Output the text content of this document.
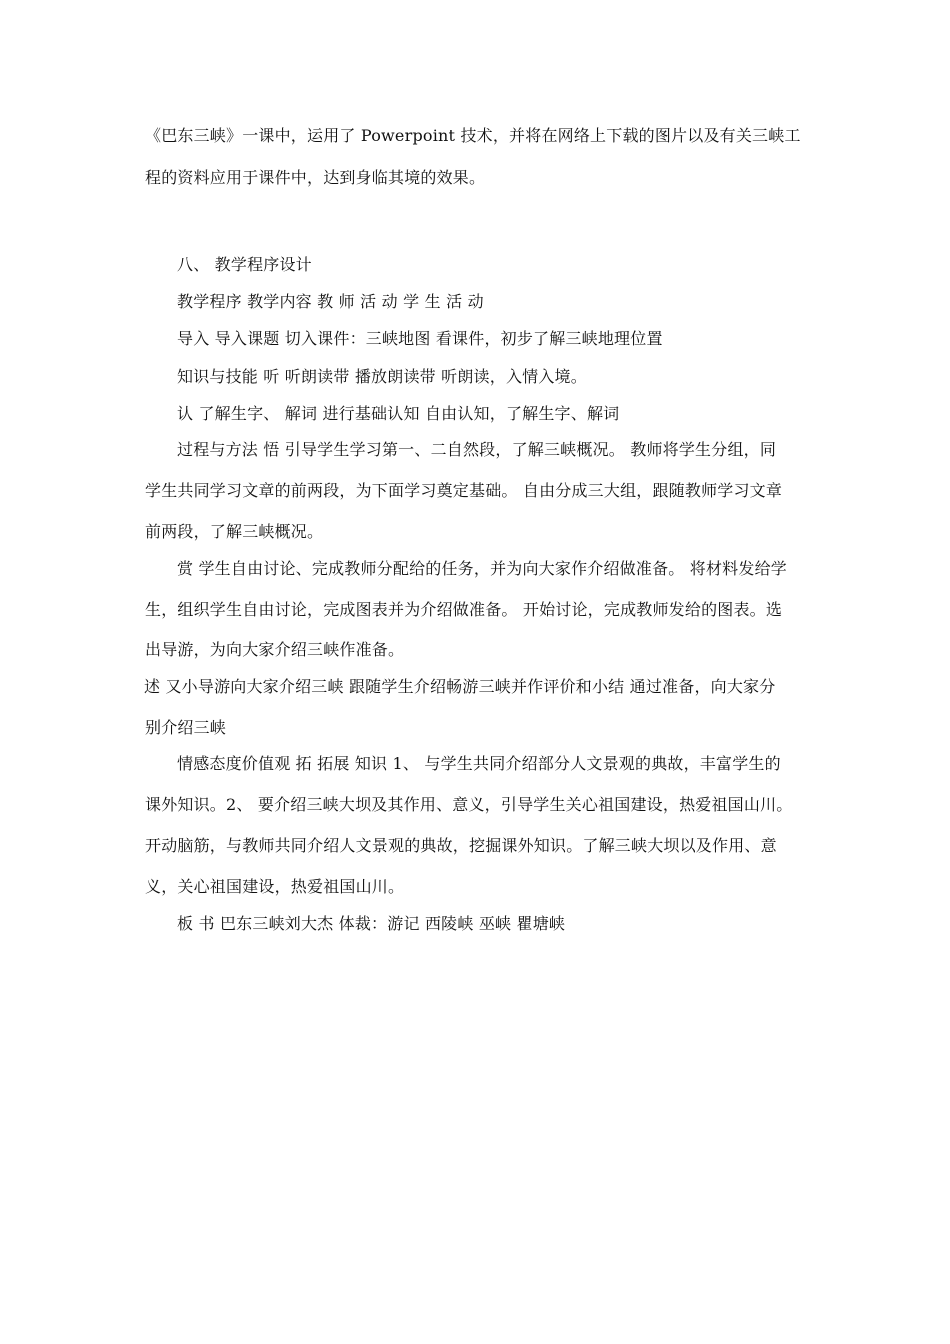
《巴东三峡》一课中，运用了 Powerpoint 技术，并将在网络上下载的图片以及有关三峡工
程的资料应用于课件中，达到身临其境的效果。
八、 教学程序设计
教学程序 教学内容 教 师 活 动 学 生 活 动
导入 导入课题 切入课件：三峡地图 看课件，初步了解三峡地理位置
知识与技能 听 听朗读带 播放朗读带 听朗读，入情入境。
认 了解生字、 解词 进行基础认知 自由认知，了解生字、解词
过程与方法 悟 引导学生学习第一、二自然段，了解三峡概况。 教师将学生分组，同
学生共同学习文章的前两段，为下面学习奠定基础。 自由分成三大组，跟随教师学习文章
前两段，了解三峡概况。
赏 学生自由讨论、完成教师分配给的任务，并为向大家作介绍做准备。 将材料发给学
生，组织学生自由讨论，完成图表并为介绍做准备。 开始讨论，完成教师发给的图表。选
出导游，为向大家介绍三峡作准备。
述 又小导游向大家介绍三峡 跟随学生介绍畅游三峡并作评价和小结 通过准备，向大家分
别介绍三峡
情感态度价值观 拓 拓展 知识 1、 与学生共同介绍部分人文景观的典故，丰富学生的
课外知识。2、 要介绍三峡大坝及其作用、意义，引导学生关心祖国建设，热爱祖国山川。
开动脑筋，与教师共同介绍人文景观的典故，挖掘课外知识。了解三峡大坝以及作用、意
义，关心祖国建设，热爱祖国山川。
板 书 巴东三峡刘大杰 体裁：游记 西陵峡 巫峡 瞿塘峡
